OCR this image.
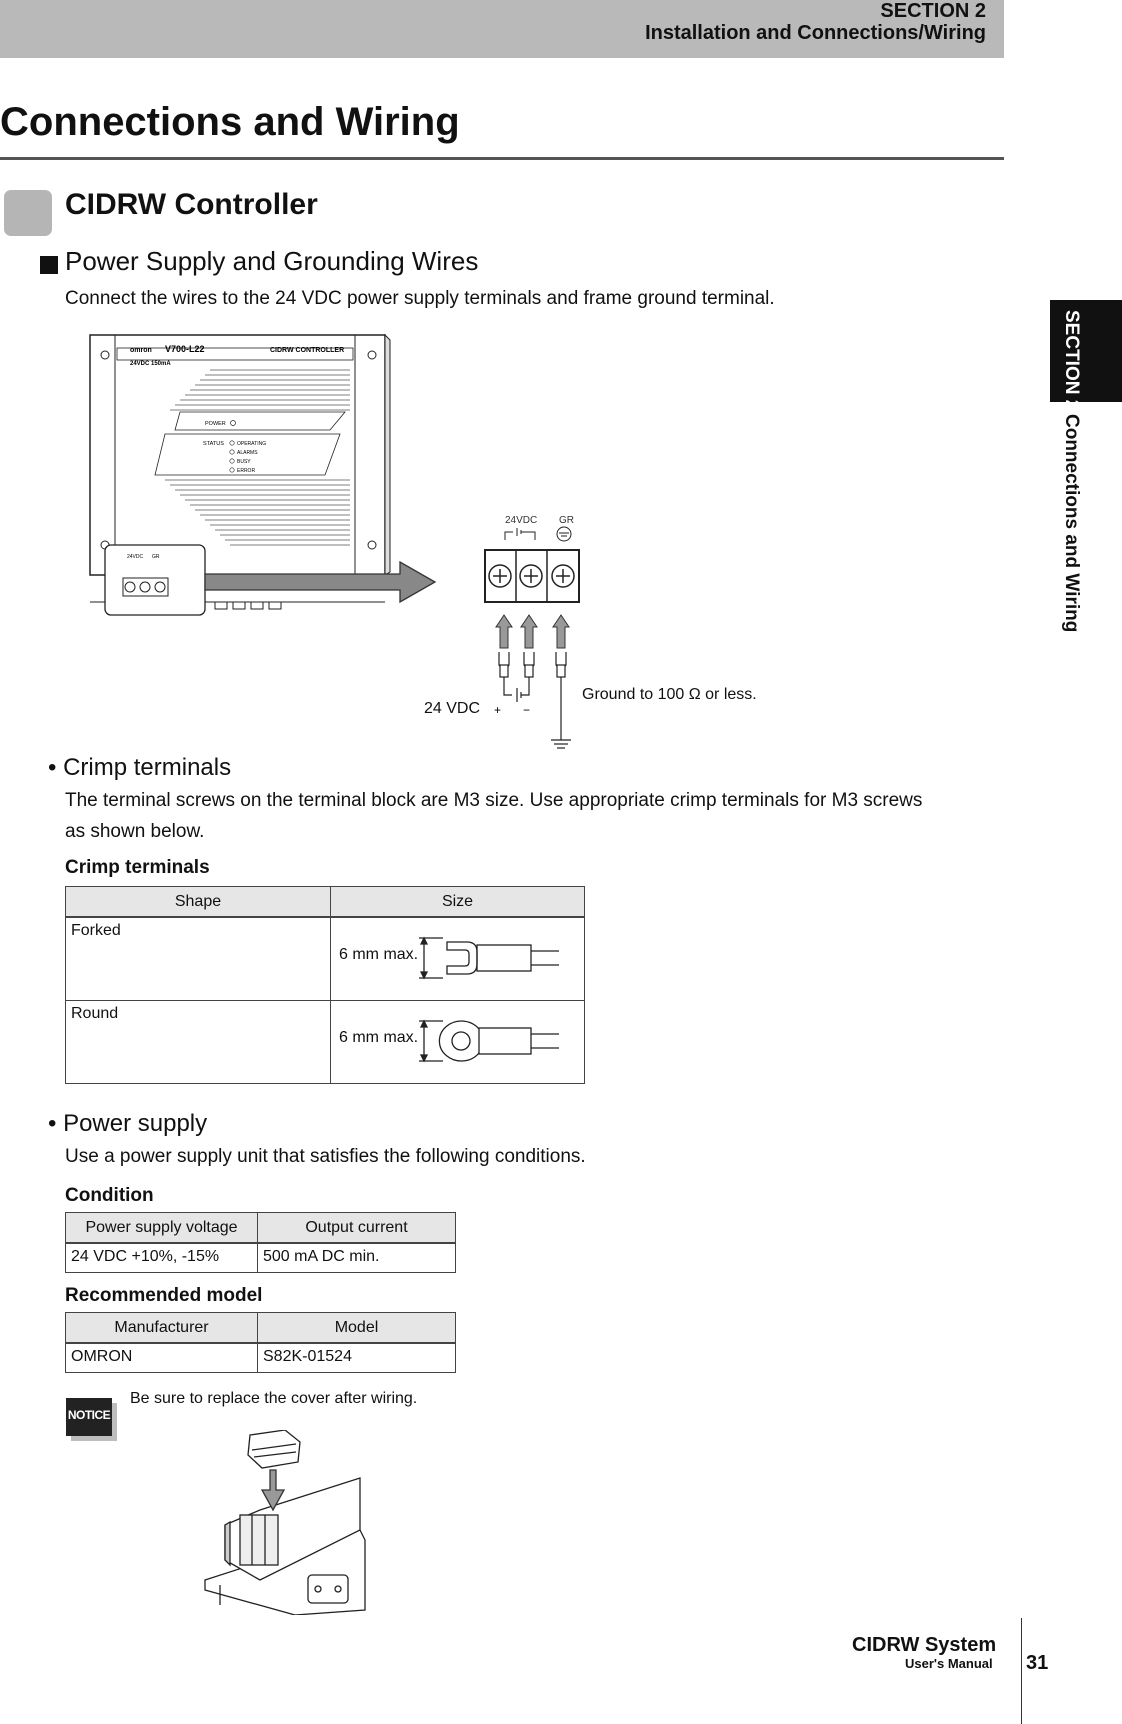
SECTION 2
Installation and Connections/Wiring
Connections and Wiring
CIDRW Controller
Power Supply and Grounding Wires
Connect the wires to the 24 VDC power supply terminals and frame ground terminal.
SECTION 2
Connections and Wiring
omron V700-L22	CIDRW CONTROLLER
24VDC 150mA
POWER
STATUS	OPERATING
ALARMS
BUSY
ERROR
24VDC GR
24VDC GR
+ −
24 VDC
Ground to 100 Ω or less.
• Crimp terminals
The terminal screws on the terminal block are M3 size. Use appropriate crimp terminals for M3 screws
as shown below.
Crimp terminals
Shape	Size
Forked	6 mm max.

Round	6 mm max.
• Power supply
Use a power supply unit that satisfies the following conditions.
Condition
Power supply voltage	Output current
24 VDC +10%, -15%	500 mA DC min.
Recommended model
Manufacturer	Model
OMRON	S82K-01524
NOTICE
Be sure to replace the cover after wiring.
CIDRW System
User's Manual 31
